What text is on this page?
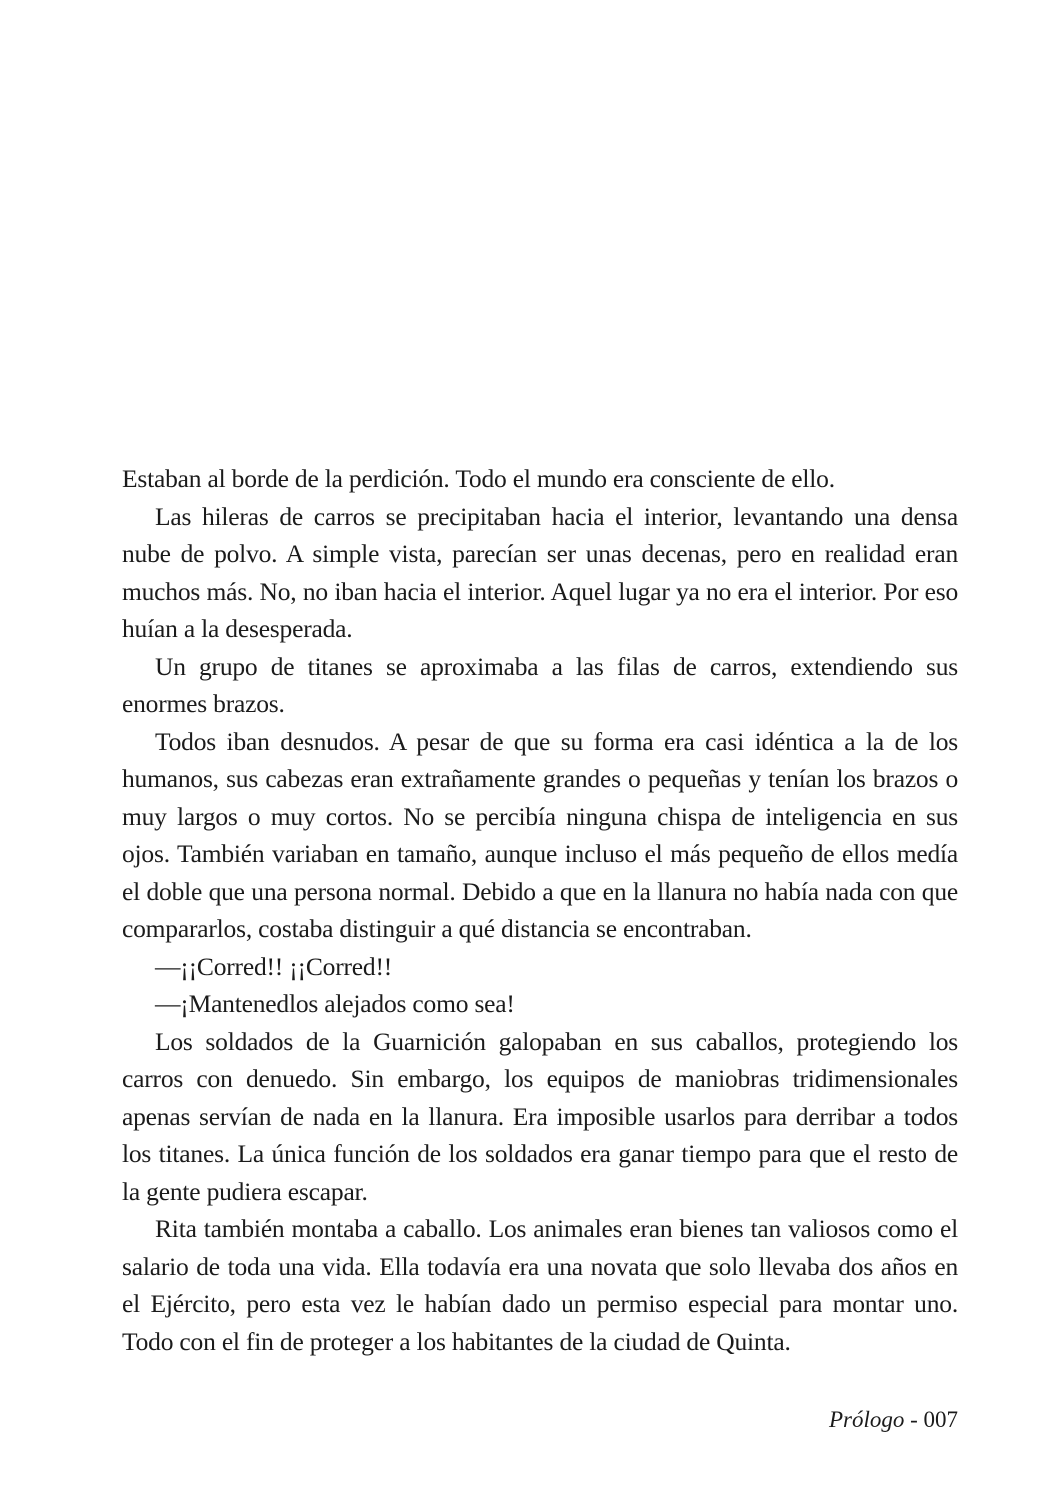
Estaban al borde de la perdición. Todo el mundo era consciente de ello.

Las hileras de carros se precipitaban hacia el interior, levantando una densa nube de polvo. A simple vista, parecían ser unas decenas, pero en realidad eran muchos más. No, no iban hacia el interior. Aquel lugar ya no era el interior. Por eso huían a la desesperada.

Un grupo de titanes se aproximaba a las filas de carros, extendiendo sus enormes brazos.

Todos iban desnudos. A pesar de que su forma era casi idéntica a la de los humanos, sus cabezas eran extrañamente grandes o pequeñas y tenían los brazos o muy largos o muy cortos. No se percibía ninguna chispa de inteligencia en sus ojos. También variaban en tamaño, aunque incluso el más pequeño de ellos medía el doble que una persona normal. Debido a que en la llanura no había nada con que compararlos, costaba distinguir a qué distancia se encontraban.

—¡¡Corred!! ¡¡Corred!!

—¡Mantenedlos alejados como sea!

Los soldados de la Guarnición galopaban en sus caballos, protegiendo los carros con denuedo. Sin embargo, los equipos de maniobras tridimensionales apenas servían de nada en la llanura. Era imposible usarlos para derribar a todos los titanes. La única función de los soldados era ganar tiempo para que el resto de la gente pudiera escapar.

Rita también montaba a caballo. Los animales eran bienes tan valiosos como el salario de toda una vida. Ella todavía era una novata que solo llevaba dos años en el Ejército, pero esta vez le habían dado un permiso especial para montar uno. Todo con el fin de proteger a los habitantes de la ciudad de Quinta.

Prólogo - 007
